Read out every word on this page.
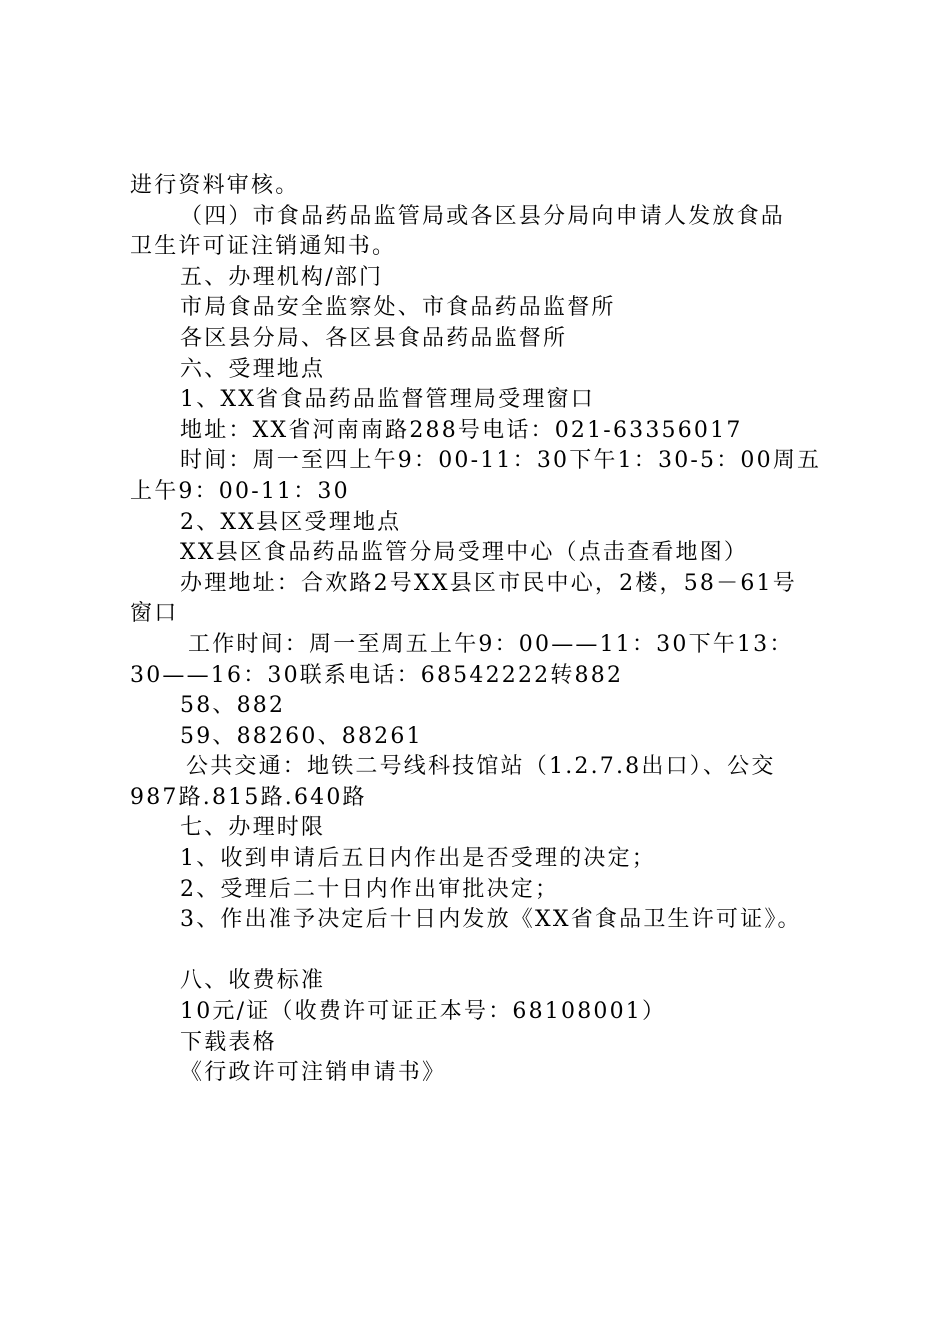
进行资料审核。
（四）市食品药品监管局或各区县分局向申请人发放食品
卫生许可证注销通知书。
五、办理机构/部门
市局食品安全监察处、市食品药品监督所
各区县分局、各区县食品药品监督所
六、受理地点
1、XX省食品药品监督管理局受理窗口
地址：XX省河南南路288号电话：021-63356017
时间：周一至四上午9：00-11：30下午1：30-5：00周五
上午9：00-11：30
2、XX县区受理地点
XX县区食品药品监管分局受理中心（点击查看地图）
办理地址：合欢路2号XX县区市民中心，2楼，58－61号
窗口
工作时间：周一至周五上午9：00——11：30下午13：
30——16：30联系电话：68542222转882
58、882
59、88260、88261
公共交通：地铁二号线科技馆站（1.2.7.8出口）、公交
987路.815路.640路
七、办理时限
1、收到申请后五日内作出是否受理的决定；
2、受理后二十日内作出审批决定；
3、作出准予决定后十日内发放《XX省食品卫生许可证》。
八、收费标准
10元/证（收费许可证正本号：68108001）
下载表格
《行政许可注销申请书》
